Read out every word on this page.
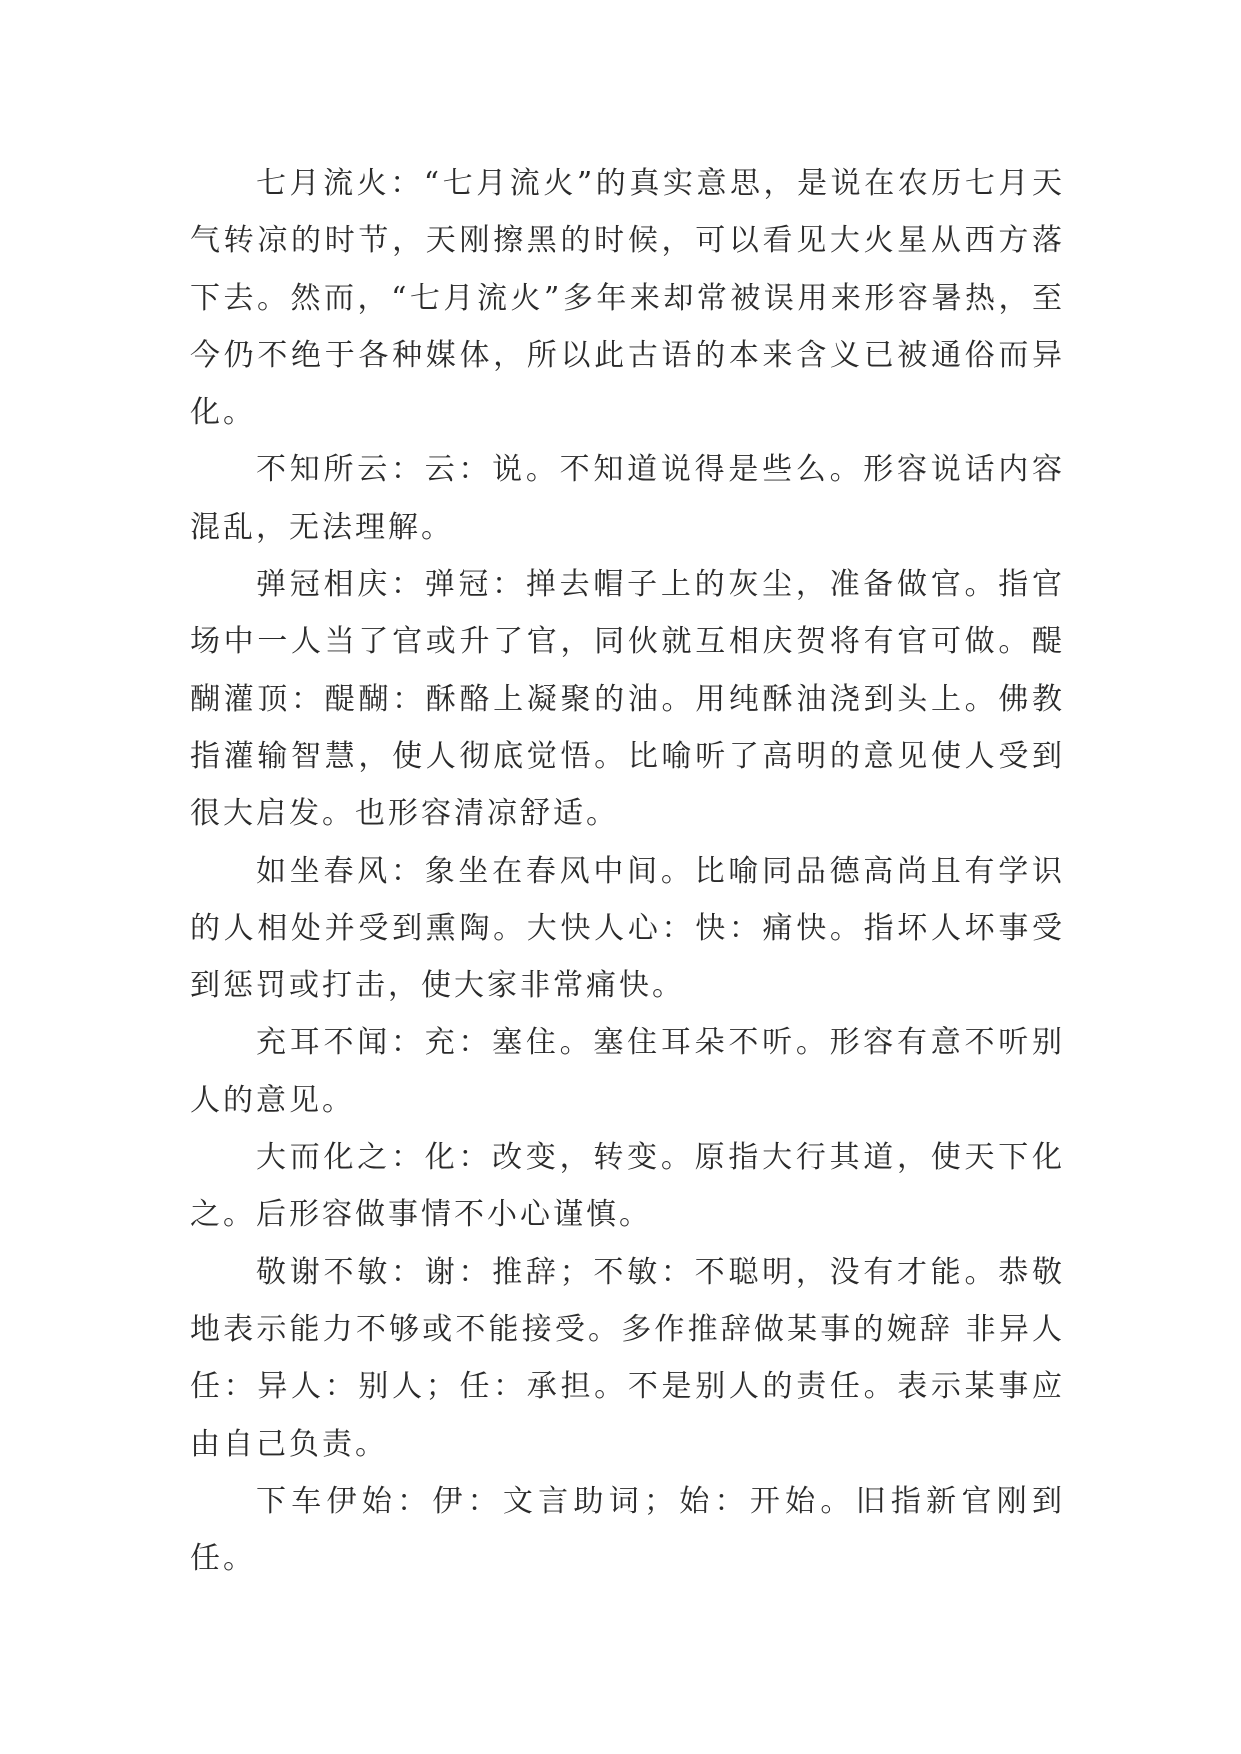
七月流火：“七月流火”的真实意思，是说在农历七月天气转凉的时节，天刚擦黑的时候，可以看见大火星从西方落下去。然而，“七月流火”多年来却常被误用来形容暑热，至今仍不绝于各种媒体，所以此古语的本来含义已被通俗而异化。

不知所云：云：说。不知道说得是些么。形容说话内容混乱，无法理解。

弹冠相庆：弹冠：掸去帽子上的灰尘，准备做官。指官场中一人当了官或升了官，同伙就互相庆贺将有官可做。醍醐灌顶：醍醐：酥酪上凝聚的油。用纯酥油浇到头上。佛教指灌输智慧，使人彻底觉悟。比喻听了高明的意见使人受到很大启发。也形容清凉舒适。

如坐春风：象坐在春风中间。比喻同品德高尚且有学识的人相处并受到熏陶。大快人心：快：痛快。指坏人坏事受到惩罚或打击，使大家非常痛快。

充耳不闻：充：塞住。塞住耳朵不听。形容有意不听别人的意见。

大而化之：化：改变，转变。原指大行其道，使天下化之。后形容做事情不小心谨慎。

敬谢不敏：谢：推辞；不敏：不聪明，没有才能。恭敬地表示能力不够或不能接受。多作推辞做某事的婉辞 非异人任：异人：别人；任：承担。不是别人的责任。表示某事应由自己负责。

下车伊始：伊：文言助词；始：开始。旧指新官刚到任。
